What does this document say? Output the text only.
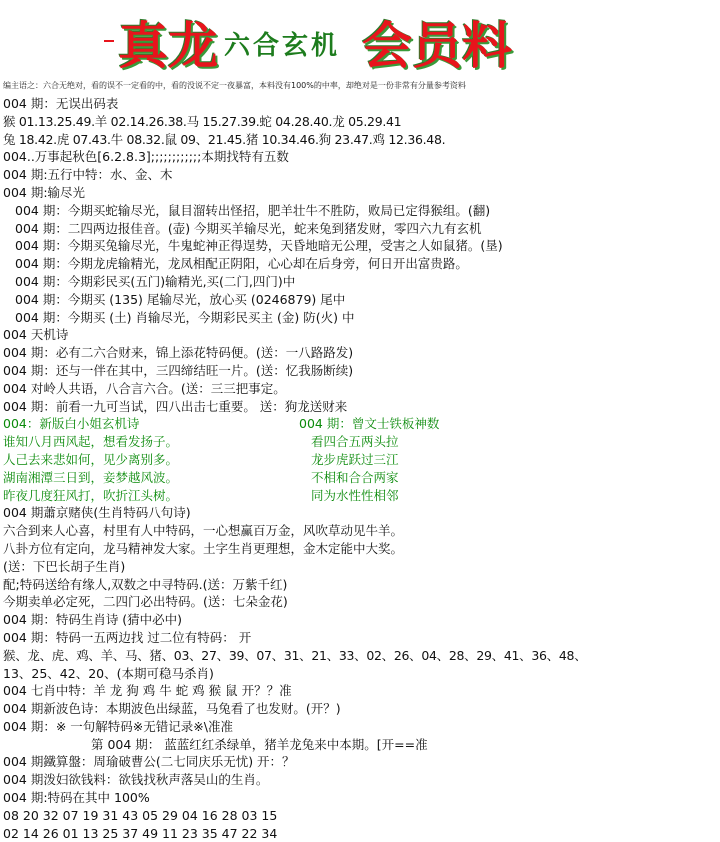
真龙 六合玄机 会员料
编主语之：六合无绝对，看的误不一定看的中，看的没说不定一夜暴富，本料没有100%的中率，却绝对是一份非常有分量参考资料
004 期：无误出码表
猴 01.13.25.49.羊 02.14.26.38.马 15.27.39.蛇 04.28.40.龙 05.29.41
兔 18.42.虎 07.43.牛 08.32.鼠 09、21.45.猪 10.34.46.狗 23.47.鸡 12.36.48.
004..万事起秋色[6.2.8.3];;;;;;;;;;;;本期找特有五数
004 期:五行中特：水、金、木
004 期:输尽光
004 期：今期买蛇输尽光，鼠目溜转出怪招，肥羊壮牛不胜防，败局已定得猴组。(翻)
004 期：二四两边报佳音。(壶) 今期买羊输尽光，蛇来兔到猪发财，零四六九有玄机
004 期：今期买兔输尽光，牛鬼蛇神正得逞势，天昏地暗无公理，受害之人如鼠猪。(垦)
004 期：今期龙虎输精光，龙凤相配正阴阳，心心却在后身旁，何日开出富贵路。
004 期：今期彩民买(五门)输精光,买(二门,四门)中
004 期：今期买 (135) 尾输尽光，放心买 (0246879) 尾中
004 期：今期买 (土) 肖输尽光，今期彩民买主 (金) 防(火) 中
004 天机诗
004 期：必有二六合财来，锦上添花特码便。(送：一八路路发)
004 期：还与一伴在其中，三四缔结旺一片。(送：忆我肠断续)
004 对岭人共语，八合言六合。(送：三三把事定。
004 期：前看一九可当试，四八出击七重要。 送：狗龙送财来
004：新版白小姐玄机诗	004 期：曾文士铁板神数
谁知八月西风起，想看发扬子。	看四合五两头拉
人己去来悲如何，见少离别多。	龙步虎跃过三江
湖南湘潭三日到，妾梦越风波。	不相和合合两家
昨夜几度狂风打，吹折江头树。	同为水性性相邻
004 期蕭京赌侠(生肖特码八句诗)
六合到来人心喜，村里有人中特码，一心想赢百万金，风吹草动见牛羊。
八卦方位有定向，龙马精神发大家。土字生肖更理想，金木定能中大奖。
(送：下巴长胡子生肖)
配;特码送给有缘人,双数之中寻特码.(送：万紫千红)
今期卖单必定死，二四门必出特码。(送：七朵金花)
004 期：特码生肖诗 (猜中必中)
004 期：特码一五两边找 过二位有特码： 开
猴、龙、虎、鸡、羊、马、猪、03、27、39、07、31、21、33、02、26、04、28、29、41、36、48、
13、25、42、20、(本期可稳马杀肖)
004 七肖中特：羊 龙 狗 鸡 牛 蛇 鸡 猴 鼠 开？？准
004 期新波色诗：本期波色出绿蓝，马兔看了也发财。(开？)
004 期：※ 一句解特码※无错记录※\准准
第 004 期： 蓝蓝红红杀绿单，猪羊龙兔来中本期。[开==准
004 期鐵算盤：周瑜破曹公(二七同庆乐无忧) 开：？
004 期泼妇欲钱料：欲钱找秋声落吴山的生肖。
004 期:特码在其中 100%
08 20 32 07 19 31 43 05 29 04 16 28 03 15
02 14 26 01 13 25 37 49 11 23 35 47 22 34
